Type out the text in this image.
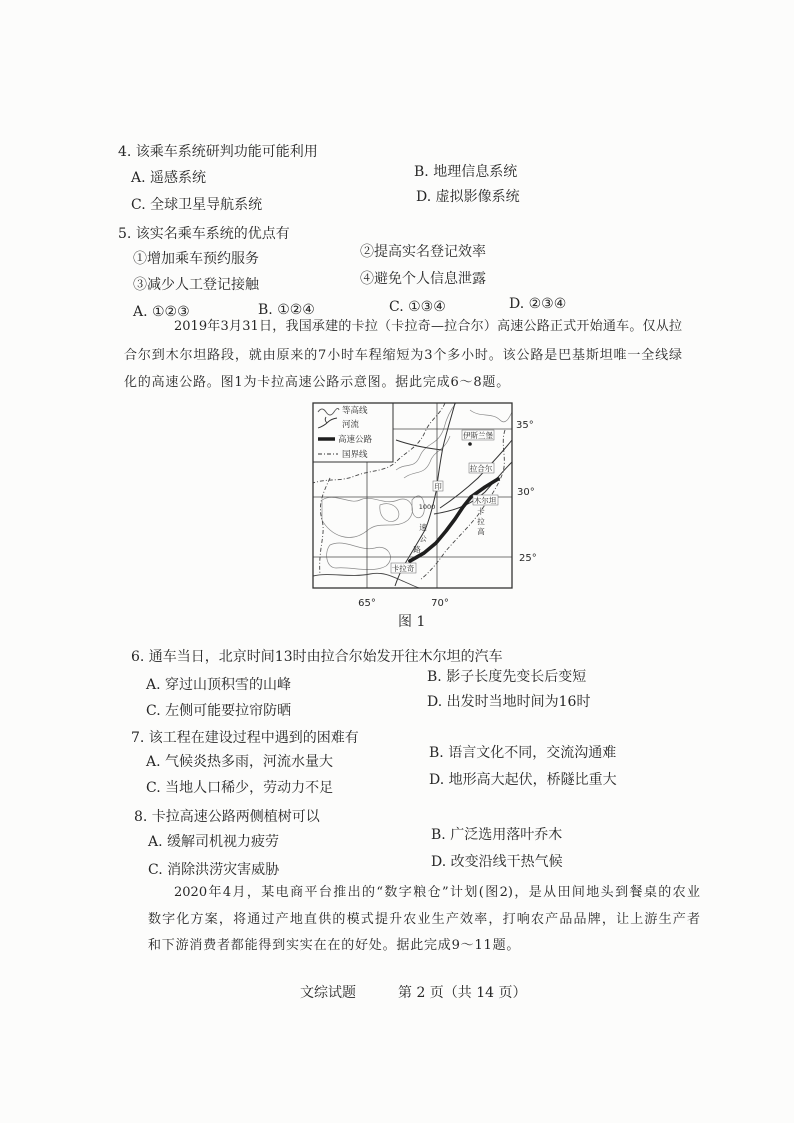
4. 该乘车系统研判功能可能利用
A. 遥感系统	B. 地理信息系统
C. 全球卫星导航系统	D. 虚拟影像系统
5. 该实名乘车系统的优点有
①增加乘车预约服务	②提高实名登记效率
③减少人工登记接触	④避免个人信息泄露
A. ①②③	B. ①②④	C. ①③④	D. ②③④
2019年3月31日，我国承建的卡拉（卡拉奇—拉合尔）高速公路正式开始通车。仅从拉
合尔到木尔坦路段，就由原来的7小时车程缩短为3个多小时。该公路是巴基斯坦唯一全线绿
化的高速公路。图1为卡拉高速公路示意图。据此完成6～8题。
伊斯兰堡
拉合尔
木尔坦
卡拉奇
印
1000	卡
拉
高
速
公
路
等高线
河流
高速公路
国界线
35°
30°
25°
65°	70°
图 1
6. 通车当日，北京时间13时由拉合尔始发开往木尔坦的汽车
A. 穿过山顶积雪的山峰	B. 影子长度先变长后变短
C. 左侧可能要拉帘防晒
D. 出发时当地时间为16时
7. 该工程在建设过程中遇到的困难有
A. 气候炎热多雨，河流水量大
B. 语言文化不同，交流沟通难
C. 当地人口稀少，劳动力不足	D. 地形高大起伏，桥隧比重大
8. 卡拉高速公路两侧植树可以
A. 缓解司机视力疲劳	B. 广泛选用落叶乔木
C. 消除洪涝灾害威胁	D. 改变沿线干热气候
2020年4月，某电商平台推出的“数字粮仓”计划(图2)，是从田间地头到餐桌的农业
数字化方案，将通过产地直供的模式提升农业生产效率，打响农产品品牌，让上游生产者
和下游消费者都能得到实实在在的好处。据此完成9～11题。
文综试题	第 2 页（共 14 页）
